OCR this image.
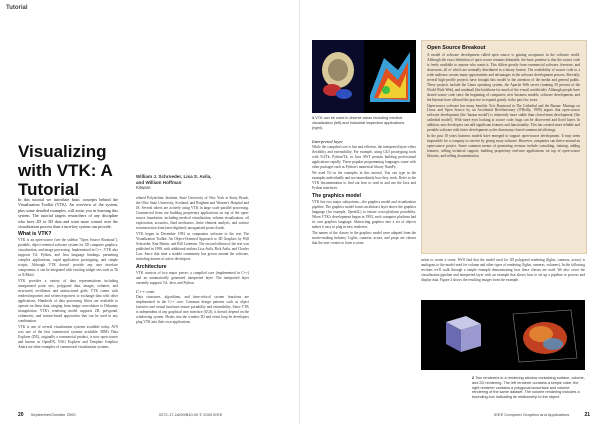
Tutorial
Visualizing with VTK: A Tutorial
William J. Schroeder, Lisa S. Avila,
and William Hoffman
Kitware

In this tutorial we introduce basic concepts behind the Visualization Toolkit (VTK). An overview of the system, plus some detailed examples, will assist you in learning this system. The tutorial targets researchers of any discipline who have 2D or 3D data and want more control over the visualization process than a turn-key system can provide.

What is VTK?

VTK is an open-source (see the sidebar "Open Source Breakout"), portable, object-oriented software system for 3D computer graphics, visualization, and image processing. Implemented in C++, VTK also supports Tcl, Python, and Java language bindings, permitting complex applications, rapid application prototyping, and simple scripts. Although VTK doesn't provide any user interface components, it can be integrated with existing widget sets such as Tk or X/Motif.

VTK provides a variety of data representations including unorganized point sets, polygonal data, images, volumes, and structured, rectilinear, and unstructured grids. VTK comes with readers/importers and writers/exporters to exchange data with other applications. Hundreds of data processing filters are available to operate on these data, ranging from image convolution to Delaunay triangulation. VTK's rendering model supports 2D, polygonal, volumetric, and texture-based approaches that can be used in any combination.

VTK is one of several visualization systems available today. AVS was one of the first commercial systems available. IBM's Data Explorer (DX), originally a commercial product, is now open source and known as OpenDX. NAG Explorer and Template Graphics Amira are other examples of commercial visualization systems.

related Polytechnic Institute, State University of New York at Stony Brook, the Ohio State University, Scotland, and Brigham and Women's Hospital and JS. Several others are actively using VTK in large scale parallel processing. Commercial firms are building proprietary applications on top of the open-source foundation, including medical visualization, volume visualization, oil exploration, acoustics, fluid mechanics, finite element analysis, and surface reconstruction from laser-digitized, unorganized point clouds.

VTK began in December 1993 as companion software to the text The Visualization Toolkit: An Object-Oriented Approach to 3D Graphics by Will Schroeder, Ken Martin, and Bill Lorensen. The second edition of the text was published in 1998, with additional authors Lisa Avila, Rick Avila, and Charles Law. Since that time a sizable community has grown around the software, including dozens of active developers.

Architecture

VTK consists of two major pieces: a compiled core (implemented in C++) and an automatically generated interpreted layer. The interpreted layer currently supports Tcl, Java, and Python.

C++ core

Data structures, algorithms, and time-critical system functions are implemented in the C++ core. Common design patterns such as object factories and virtual functions ensure portability and extensibility. Since VTK is independent of any graphical user interface (GUI), it doesn't depend on the windowing system. Hooks into the window ID and event loop let developers plug VTK into their own applications.

1 VTK can be used in diverse areas including medical visualization (left) and industrial inspection applications (right).
Interpreted layer

While the compiled core is fast and efficient, the interpreted layer offers flexibility and extensibility. For example, using GUI prototyping tools with Tcl/Tk, Python/Tk, or Java AWT permits building professional applications rapidly. These popular programming languages come with other packages such as Python's numerical library NumPy.

We used Tcl in the examples in this tutorial. You can type in the examples individually and see immediately how they work. Refer to the VTK documentation to find out how to read in and use the Java and Python interfaces.

The graphics model

VTK has two major subsystems—the graphics model and visualization pipeline. The graphics model forms an abstract layer above the graphics language (for example, OpenGL) to ensure cross-platform portability. When VTK's development began in 1993, each computer platform had its own graphics language. Abstracting graphics into a set of objects makes it easy to plug in new renderers.

The names of the classes in the graphics model were adapted from the movie-making industry. Lights, cameras, actors, and props are classes that the user creates to form a scene.

Open Source Breakout

A model of software development called open source is gaining acceptance in the software world. Although the exact definition of open source remains debatable, the basic premise is that the source code is freely available to anyone who wants it. This differs greatly from commercial software, freeware, and shareware, all of which are normally distributed in a binary format. The availability of source code to a wide audience creates many opportunities and advantages in the software development process. Recently, several high-profile projects have brought this model to the attention of the media and general public. These projects include the Linux operating system, the Apache Web server (running 50 percent of the World Wide Web), and sendmail (the backbone for much of the e-mail worldwide). Although people have shared source code since the beginning of computers, new business models, software development, and the Internet have allowed the practice to expand greatly in the past few years.

Open-source software has many benefits. Eric Raymond in The Cathedral and the Bazaar: Musings on Linux and Open Source by an Accidental Revolutionary (O'Reilly, 1999) argues that open-source software development (the 'bazaar model') is inherently more stable than closed-team development ('the cathedral model'). With more eyes looking at source code, bugs can be discovered and fixed faster. In addition, new developers can add significant features and functionality. This has created more reliable and portable software with faster development cycles than many closed commercial offerings.

In the past 10 years business models have emerged to support open-source development. It may seem impossible for a company to survive by giving away software. However, companies can thrive around an open-source project. Some common means of generating revenue include consulting, training, adding features, selling technical support, building proprietary end-user applications on top of open-source libraries, and selling documentation.

tation to create a scene. We'll find that the model used for 3D polygonal rendering (lights, cameras, actors) is analogous to the model used for volume and other types of rendering (lights, cameras, volumes). In the following sections we'll walk through a simple example demonstrating how these classes are used. We also cover the visualization pipeline and interpreted layer with an example that shows how to set up a pipeline to process and display data. Figure 2 shows the resulting images from the example.

2 Two renderers in a rendering window containing surface, volume, and 2D rendering. The left renderer contains a simple cube; the right renderer contains a polygonal isosurface and volume rendering of the same dataset. The volume rendering includes a bounding box indicating its relationship to the object.
20 September/October 2000	0272-17-16/00/$10.00 © 2000 IEEE	IEEE Computer Graphics and Applications	21
